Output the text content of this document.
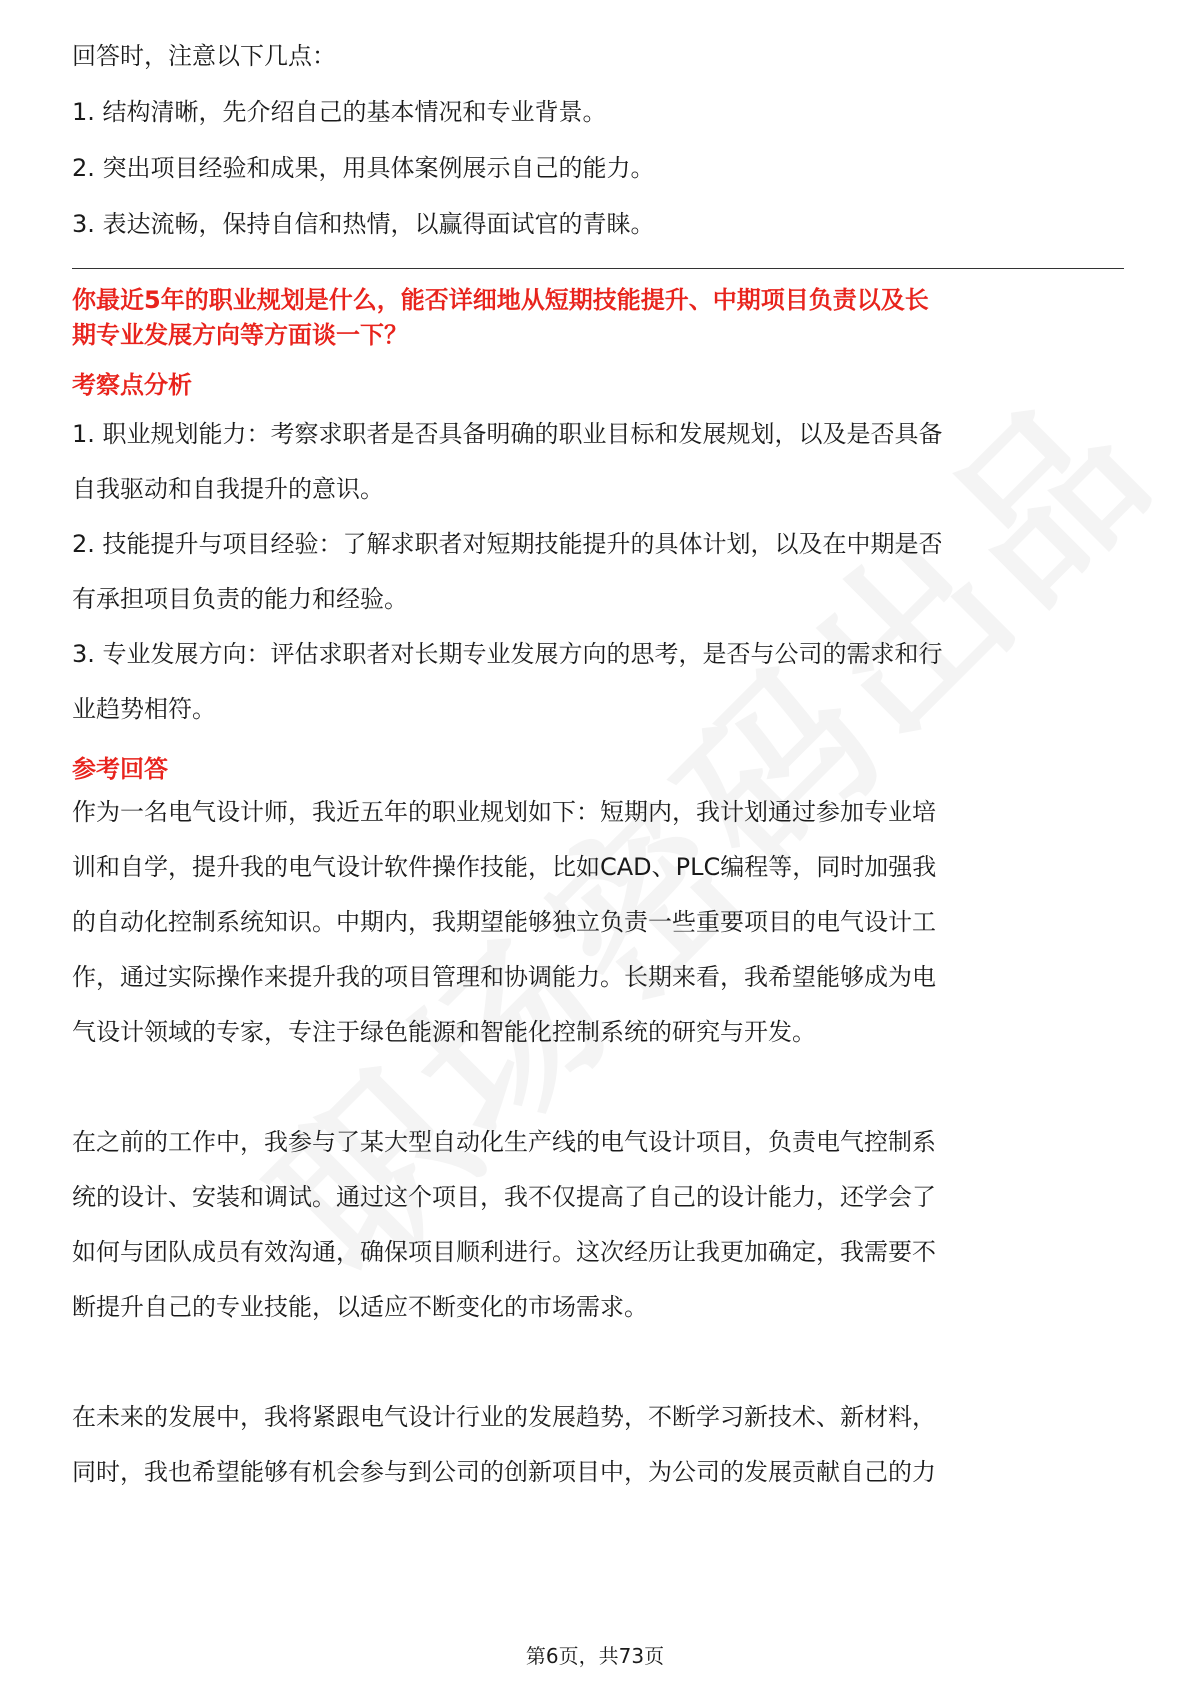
回答时，注意以下几点：

1. 结构清晰，先介绍自己的基本情况和专业背景。

2. 突出项目经验和成果，用具体案例展示自己的能力。

3. 表达流畅，保持自信和热情，以赢得面试官的青睐。

你最近5年的职业规划是什么，能否详细地从短期技能提升、中期项目负责以及长
期专业发展方向等方面谈一下？
考察点分析

1. 职业规划能力：考察求职者是否具备明确的职业目标和发展规划，以及是否具备

自我驱动和自我提升的意识。

2. 技能提升与项目经验：了解求职者对短期技能提升的具体计划，以及在中期是否

有承担项目负责的能力和经验。

3. 专业发展方向：评估求职者对长期专业发展方向的思考，是否与公司的需求和行

业趋势相符。

参考回答

作为一名电气设计师，我近五年的职业规划如下：短期内，我计划通过参加专业培

训和自学，提升我的电气设计软件操作技能，比如CAD、PLC编程等，同时加强我

的自动化控制系统知识。中期内，我期望能够独立负责一些重要项目的电气设计工

作，通过实际操作来提升我的项目管理和协调能力。长期来看，我希望能够成为电

气设计领域的专家，专注于绿色能源和智能化控制系统的研究与开发。

在之前的工作中，我参与了某大型自动化生产线的电气设计项目，负责电气控制系

统的设计、安装和调试。通过这个项目，我不仅提高了自己的设计能力，还学会了

如何与团队成员有效沟通，确保项目顺利进行。这次经历让我更加确定，我需要不

断提升自己的专业技能，以适应不断变化的市场需求。

在未来的发展中，我将紧跟电气设计行业的发展趋势，不断学习新技术、新材料，

同时，我也希望能够有机会参与到公司的创新项目中，为公司的发展贡献自己的力

第6页，共73页
